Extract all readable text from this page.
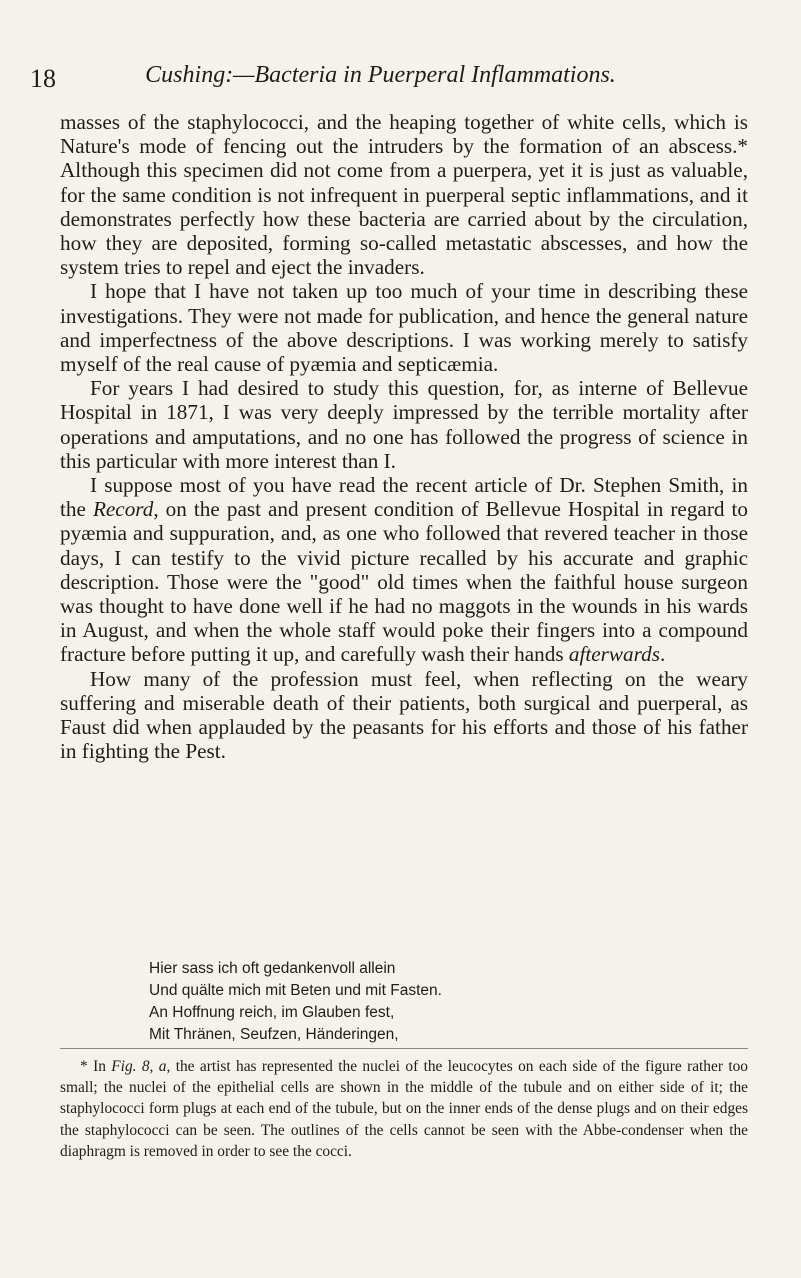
18	Cushing:—Bacteria in Puerperal Inflammations.

masses of the staphylococci, and the heaping together of white cells, which is Nature's mode of fencing out the intruders by the formation of an abscess.* Although this specimen did not come from a puerpera, yet it is just as valuable, for the same condition is not infrequent in puerperal septic inflammations, and it demonstrates perfectly how these bacteria are carried about by the circulation, how they are deposited, forming so-called metastatic abscesses, and how the system tries to repel and eject the invaders.

I hope that I have not taken up too much of your time in describing these investigations. They were not made for publication, and hence the general nature and imperfectness of the above descriptions. I was working merely to satisfy myself of the real cause of pyæmia and septicæmia.

For years I had desired to study this question, for, as interne of Bellevue Hospital in 1871, I was very deeply impressed by the terrible mortality after operations and amputations, and no one has followed the progress of science in this particular with more interest than I.

I suppose most of you have read the recent article of Dr. Stephen Smith, in the Record, on the past and present condition of Bellevue Hospital in regard to pyæmia and suppuration, and, as one who followed that revered teacher in those days, I can testify to the vivid picture recalled by his accurate and graphic description. Those were the "good" old times when the faithful house surgeon was thought to have done well if he had no maggots in the wounds in his wards in August, and when the whole staff would poke their fingers into a compound fracture before putting it up, and carefully wash their hands afterwards.

How many of the profession must feel, when reflecting on the weary suffering and miserable death of their patients, both surgical and puerperal, as Faust did when applauded by the peasants for his efforts and those of his father in fighting the Pest.

Hier sass ich oft gedankenvoll allein
Und quälte mich mit Beten und mit Fasten.
An Hoffnung reich, im Glauben fest,
Mit Thränen, Seufzen, Händeringen,

* In Fig. 8, a, the artist has represented the nuclei of the leucocytes on each side of the figure rather too small; the nuclei of the epithelial cells are shown in the middle of the tubule and on either side of it; the staphylococci form plugs at each end of the tubule, but on the inner ends of the dense plugs and on their edges the staphylococci can be seen. The outlines of the cells cannot be seen with the Abbe-condenser when the diaphragm is removed in order to see the cocci.
